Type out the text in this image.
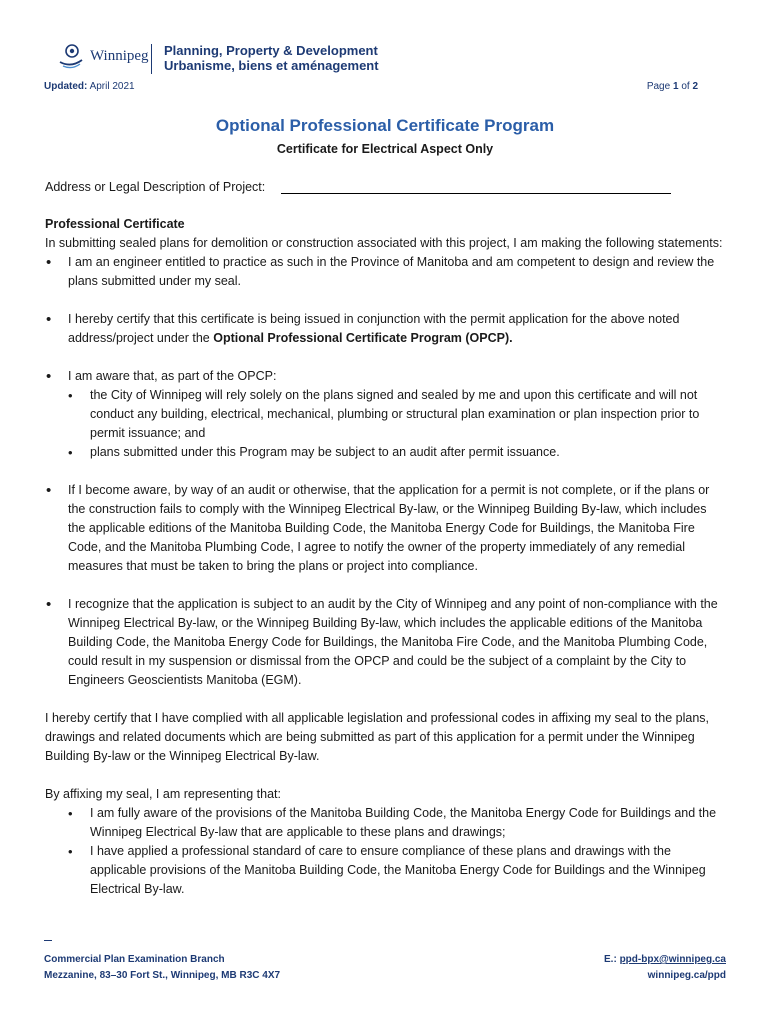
Winnipeg Planning, Property & Development
Urbanisme, biens et aménagement
Updated: April 2021	Page 1 of 2
Optional Professional Certificate Program
Certificate for Electrical Aspect Only
Address or Legal Description of Project:

Professional Certificate

In submitting sealed plans for demolition or construction associated with this project, I am making the following statements:

• I am an engineer entitled to practice as such in the Province of Manitoba and am competent to design and review the plans submitted under my seal.

• I hereby certify that this certificate is being issued in conjunction with the permit application for the above noted address/project under the Optional Professional Certificate Program (OPCP).

• I am aware that, as part of the OPCP:

• the City of Winnipeg will rely solely on the plans signed and sealed by me and upon this certificate and will not conduct any building, electrical, mechanical, plumbing or structural plan examination or plan inspection prior to permit issuance; and

• plans submitted under this Program may be subject to an audit after permit issuance.

• If I become aware, by way of an audit or otherwise, that the application for a permit is not complete, or if the plans or the construction fails to comply with the Winnipeg Electrical By-law, or the Winnipeg Building By-law, which includes the applicable editions of the Manitoba Building Code, the Manitoba Energy Code for Buildings, the Manitoba Fire Code, and the Manitoba Plumbing Code, I agree to notify the owner of the property immediately of any remedial measures that must be taken to bring the plans or project into compliance.

• I recognize that the application is subject to an audit by the City of Winnipeg and any point of non-compliance with the Winnipeg Electrical By-law, or the Winnipeg Building By-law, which includes the applicable editions of the Manitoba Building Code, the Manitoba Energy Code for Buildings, the Manitoba Fire Code, and the Manitoba Plumbing Code, could result in my suspension or dismissal from the OPCP and could be the subject of a complaint by the City to Engineers Geoscientists Manitoba (EGM).

I hereby certify that I have complied with all applicable legislation and professional codes in affixing my seal to the plans, drawings and related documents which are being submitted as part of this application for a permit under the Winnipeg Building By-law or the Winnipeg Electrical By-law.

By affixing my seal, I am representing that:

• I am fully aware of the provisions of the Manitoba Building Code, the Manitoba Energy Code for Buildings and the Winnipeg Electrical By-law that are applicable to these plans and drawings;

• I have applied a professional standard of care to ensure compliance of these plans and drawings with the applicable provisions of the Manitoba Building Code, the Manitoba Energy Code for Buildings and the Winnipeg Electrical By-law.

Commercial Plan Examination Branch
Mezzanine, 83–30 Fort St., Winnipeg, MB R3C 4X7
E.: ppd-bpx@winnipeg.ca
winnipeg.ca/ppd
